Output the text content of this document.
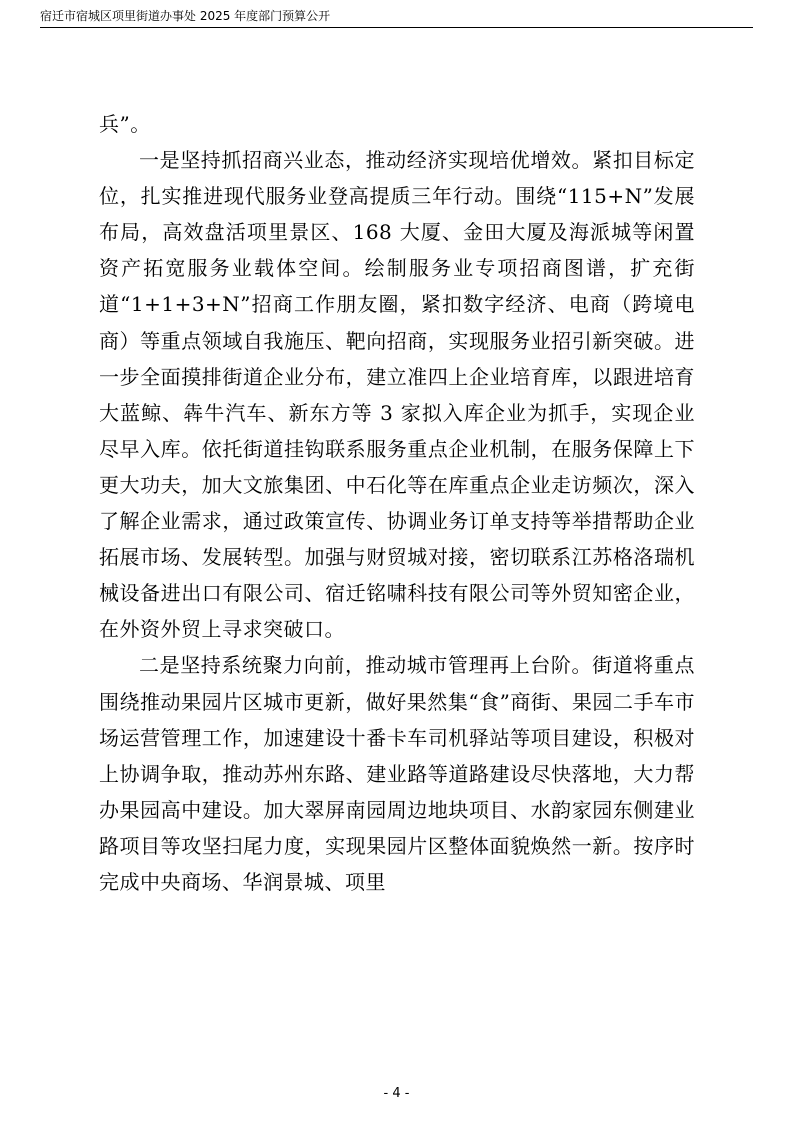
宿迁市宿城区项里街道办事处 2025 年度部门预算公开

兵”。

一是坚持抓招商兴业态，推动经济实现培优增效。紧扣目标定位，扎实推进现代服务业登高提质三年行动。围绕“115+N”发展布局，高效盘活项里景区、168 大厦、金田大厦及海派城等闲置资产拓宽服务业载体空间。绘制服务业专项招商图谱，扩充街道“1+1+3+N”招商工作朋友圈，紧扣数字经济、电商（跨境电商）等重点领域自我施压、靶向招商，实现服务业招引新突破。进一步全面摸排街道企业分布，建立准四上企业培育库，以跟进培育大蓝鲸、犇牛汽车、新东方等 3 家拟入库企业为抓手，实现企业尽早入库。依托街道挂钩联系服务重点企业机制，在服务保障上下更大功夫，加大文旅集团、中石化等在库重点企业走访频次，深入了解企业需求，通过政策宣传、协调业务订单支持等举措帮助企业拓展市场、发展转型。加强与财贸城对接，密切联系江苏格洛瑞机械设备进出口有限公司、宿迁铭啸科技有限公司等外贸知密企业，在外资外贸上寻求突破口。

二是坚持系统聚力向前，推动城市管理再上台阶。街道将重点围绕推动果园片区城市更新，做好果然集“食”商街、果园二手车市场运营管理工作，加速建设十番卡车司机驿站等项目建设，积极对上协调争取，推动苏州东路、建业路等道路建设尽快落地，大力帮办果园高中建设。加大翠屏南园周边地块项目、水韵家园东侧建业路项目等攻坚扫尾力度，实现果园片区整体面貌焕然一新。按序时完成中央商场、华润景城、项里

- 4 -
